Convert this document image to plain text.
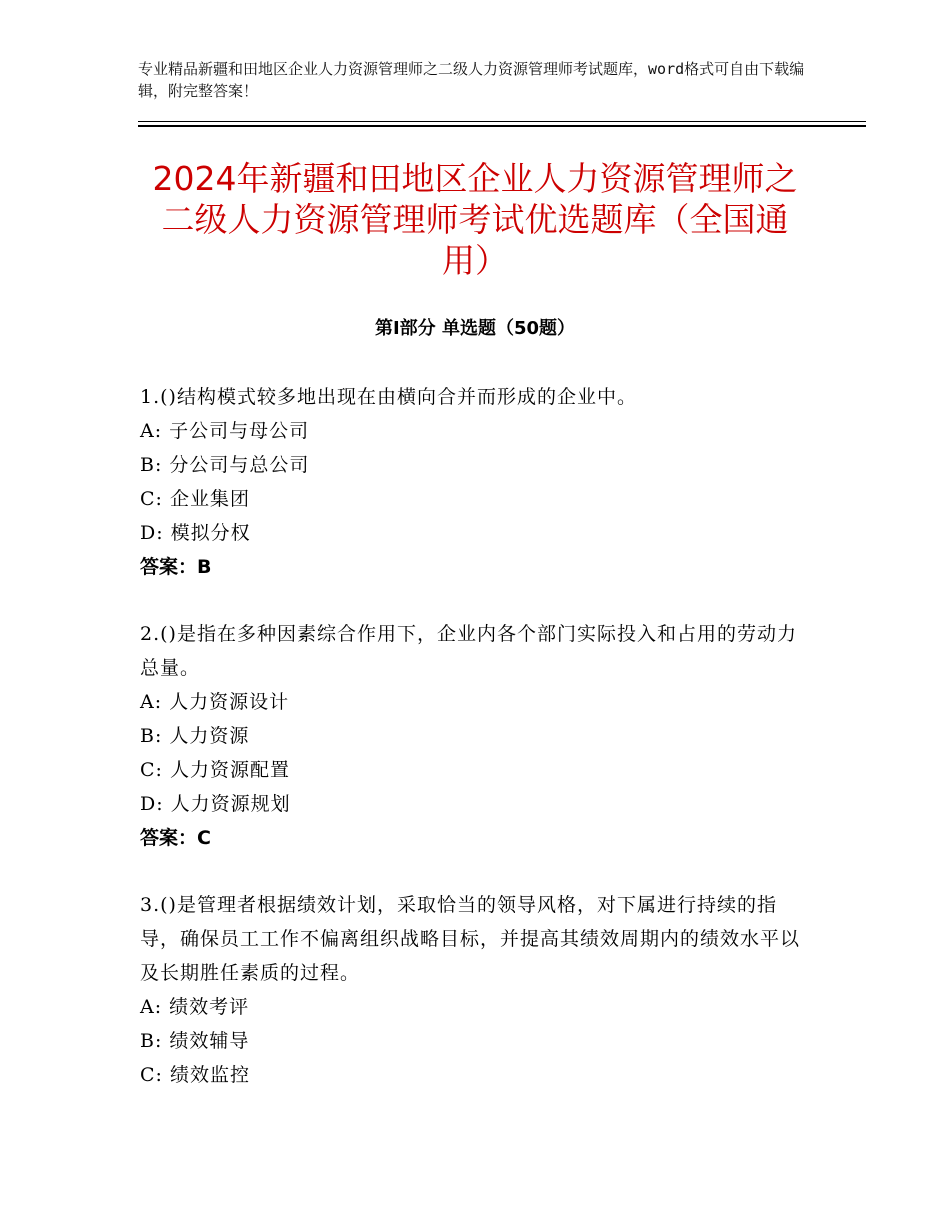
专业精品新疆和田地区企业人力资源管理师之二级人力资源管理师考试题库，word格式可自由下载编辑，附完整答案！
2024年新疆和田地区企业人力资源管理师之二级人力资源管理师考试优选题库（全国通用）
第Ⅰ部分 单选题（50题）

1.()结构模式较多地出现在由横向合并而形成的企业中。

A: 子公司与母公司

B: 分公司与总公司

C: 企业集团

D: 模拟分权

答案：B

2.()是指在多种因素综合作用下，企业内各个部门实际投入和占用的劳动力总量。

A: 人力资源设计

B: 人力资源

C: 人力资源配置

D: 人力资源规划

答案：C

3.()是管理者根据绩效计划，采取恰当的领导风格，对下属进行持续的指导，确保员工工作不偏离组织战略目标，并提高其绩效周期内的绩效水平以及长期胜任素质的过程。

A: 绩效考评

B: 绩效辅导

C: 绩效监控
